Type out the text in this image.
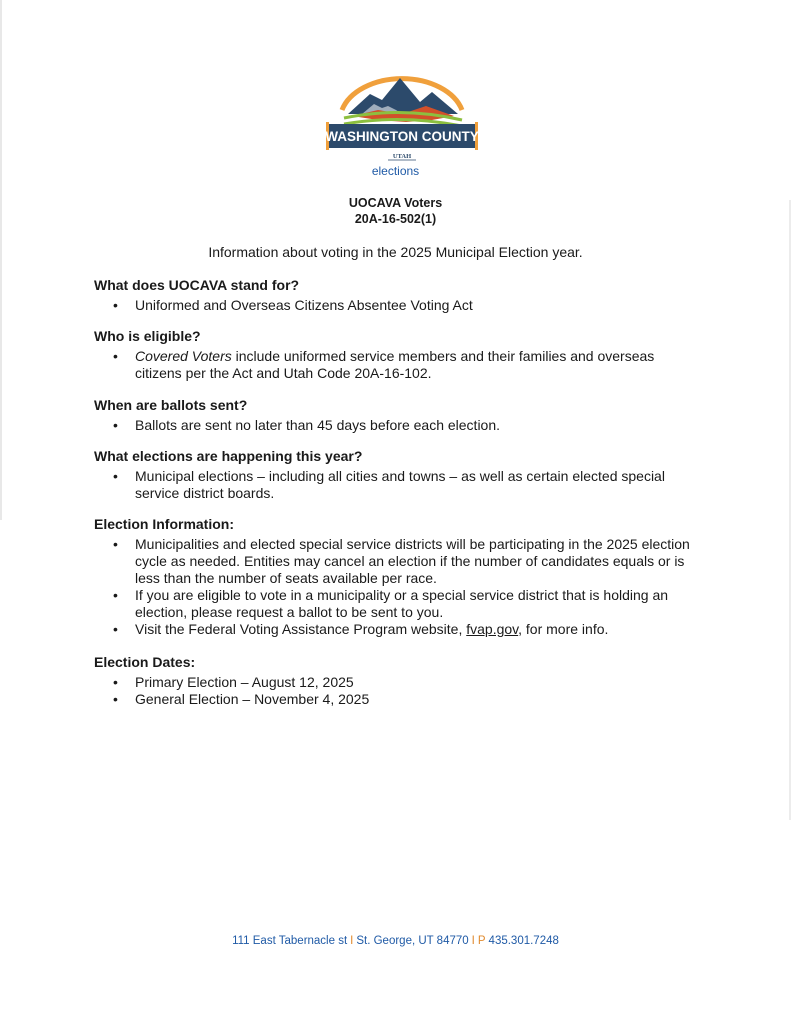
WASHINGTON COUNTY
UTAH
elections
UOCAVA Voters
20A-16-502(1)
Information about voting in the 2025 Municipal Election year.
What does UOCAVA stand for?
• Uniformed and Overseas Citizens Absentee Voting Act
Who is eligible?
• Covered Voters include uniformed service members and their families and overseas citizens per the Act and Utah Code 20A-16-102.
When are ballots sent?
• Ballots are sent no later than 45 days before each election.
What elections are happening this year?
• Municipal elections – including all cities and towns – as well as certain elected special service district boards.
Election Information:
• Municipalities and elected special service districts will be participating in the 2025 election cycle as needed. Entities may cancel an election if the number of candidates equals or is less than the number of seats available per race.
• If you are eligible to vote in a municipality or a special service district that is holding an election, please request a ballot to be sent to you.
• Visit the Federal Voting Assistance Program website, fvap.gov, for more info.
Election Dates:
• Primary Election – August 12, 2025
• General Election – November 4, 2025
111 East Tabernacle st I St. George, UT 84770 I P 435.301.7248
